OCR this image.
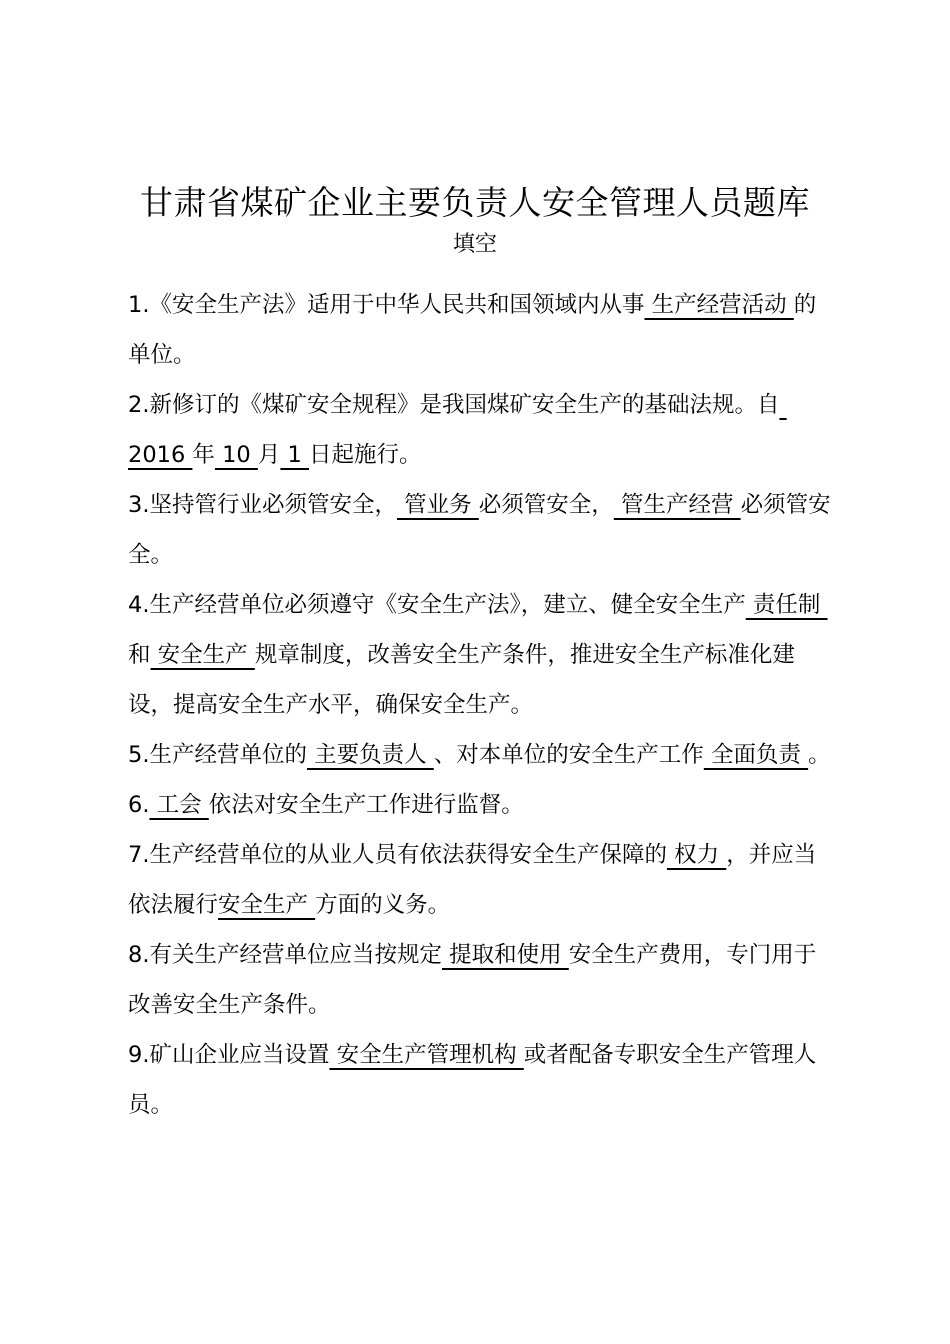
甘肃省煤矿企业主要负责人安全管理人员题库
填空

1.《安全生产法》适用于中华人民共和国领域内从事 生产经营活动 的单位。

2.新修订的《煤矿安全规程》是我国煤矿安全生产的基础法规。自 2016 年 10 月 1 日起施行。

3.坚持管行业必须管安全， 管业务 必须管安全， 管生产经营 必须管安全。

4.生产经营单位必须遵守《安全生产法》，建立、健全安全生产 责任制 和 安全生产 规章制度，改善安全生产条件，推进安全生产标准化建设，提高安全生产水平，确保安全生产。

5.生产经营单位的 主要负责人 、对本单位的安全生产工作 全面负责 。

6. 工会 依法对安全生产工作进行监督。

7.生产经营单位的从业人员有依法获得安全生产保障的 权力 ，并应当依法履行安全生产 方面的义务。

8.有关生产经营单位应当按规定 提取和使用 安全生产费用，专门用于改善安全生产条件。

9.矿山企业应当设置 安全生产管理机构 或者配备专职安全生产管理人员。
